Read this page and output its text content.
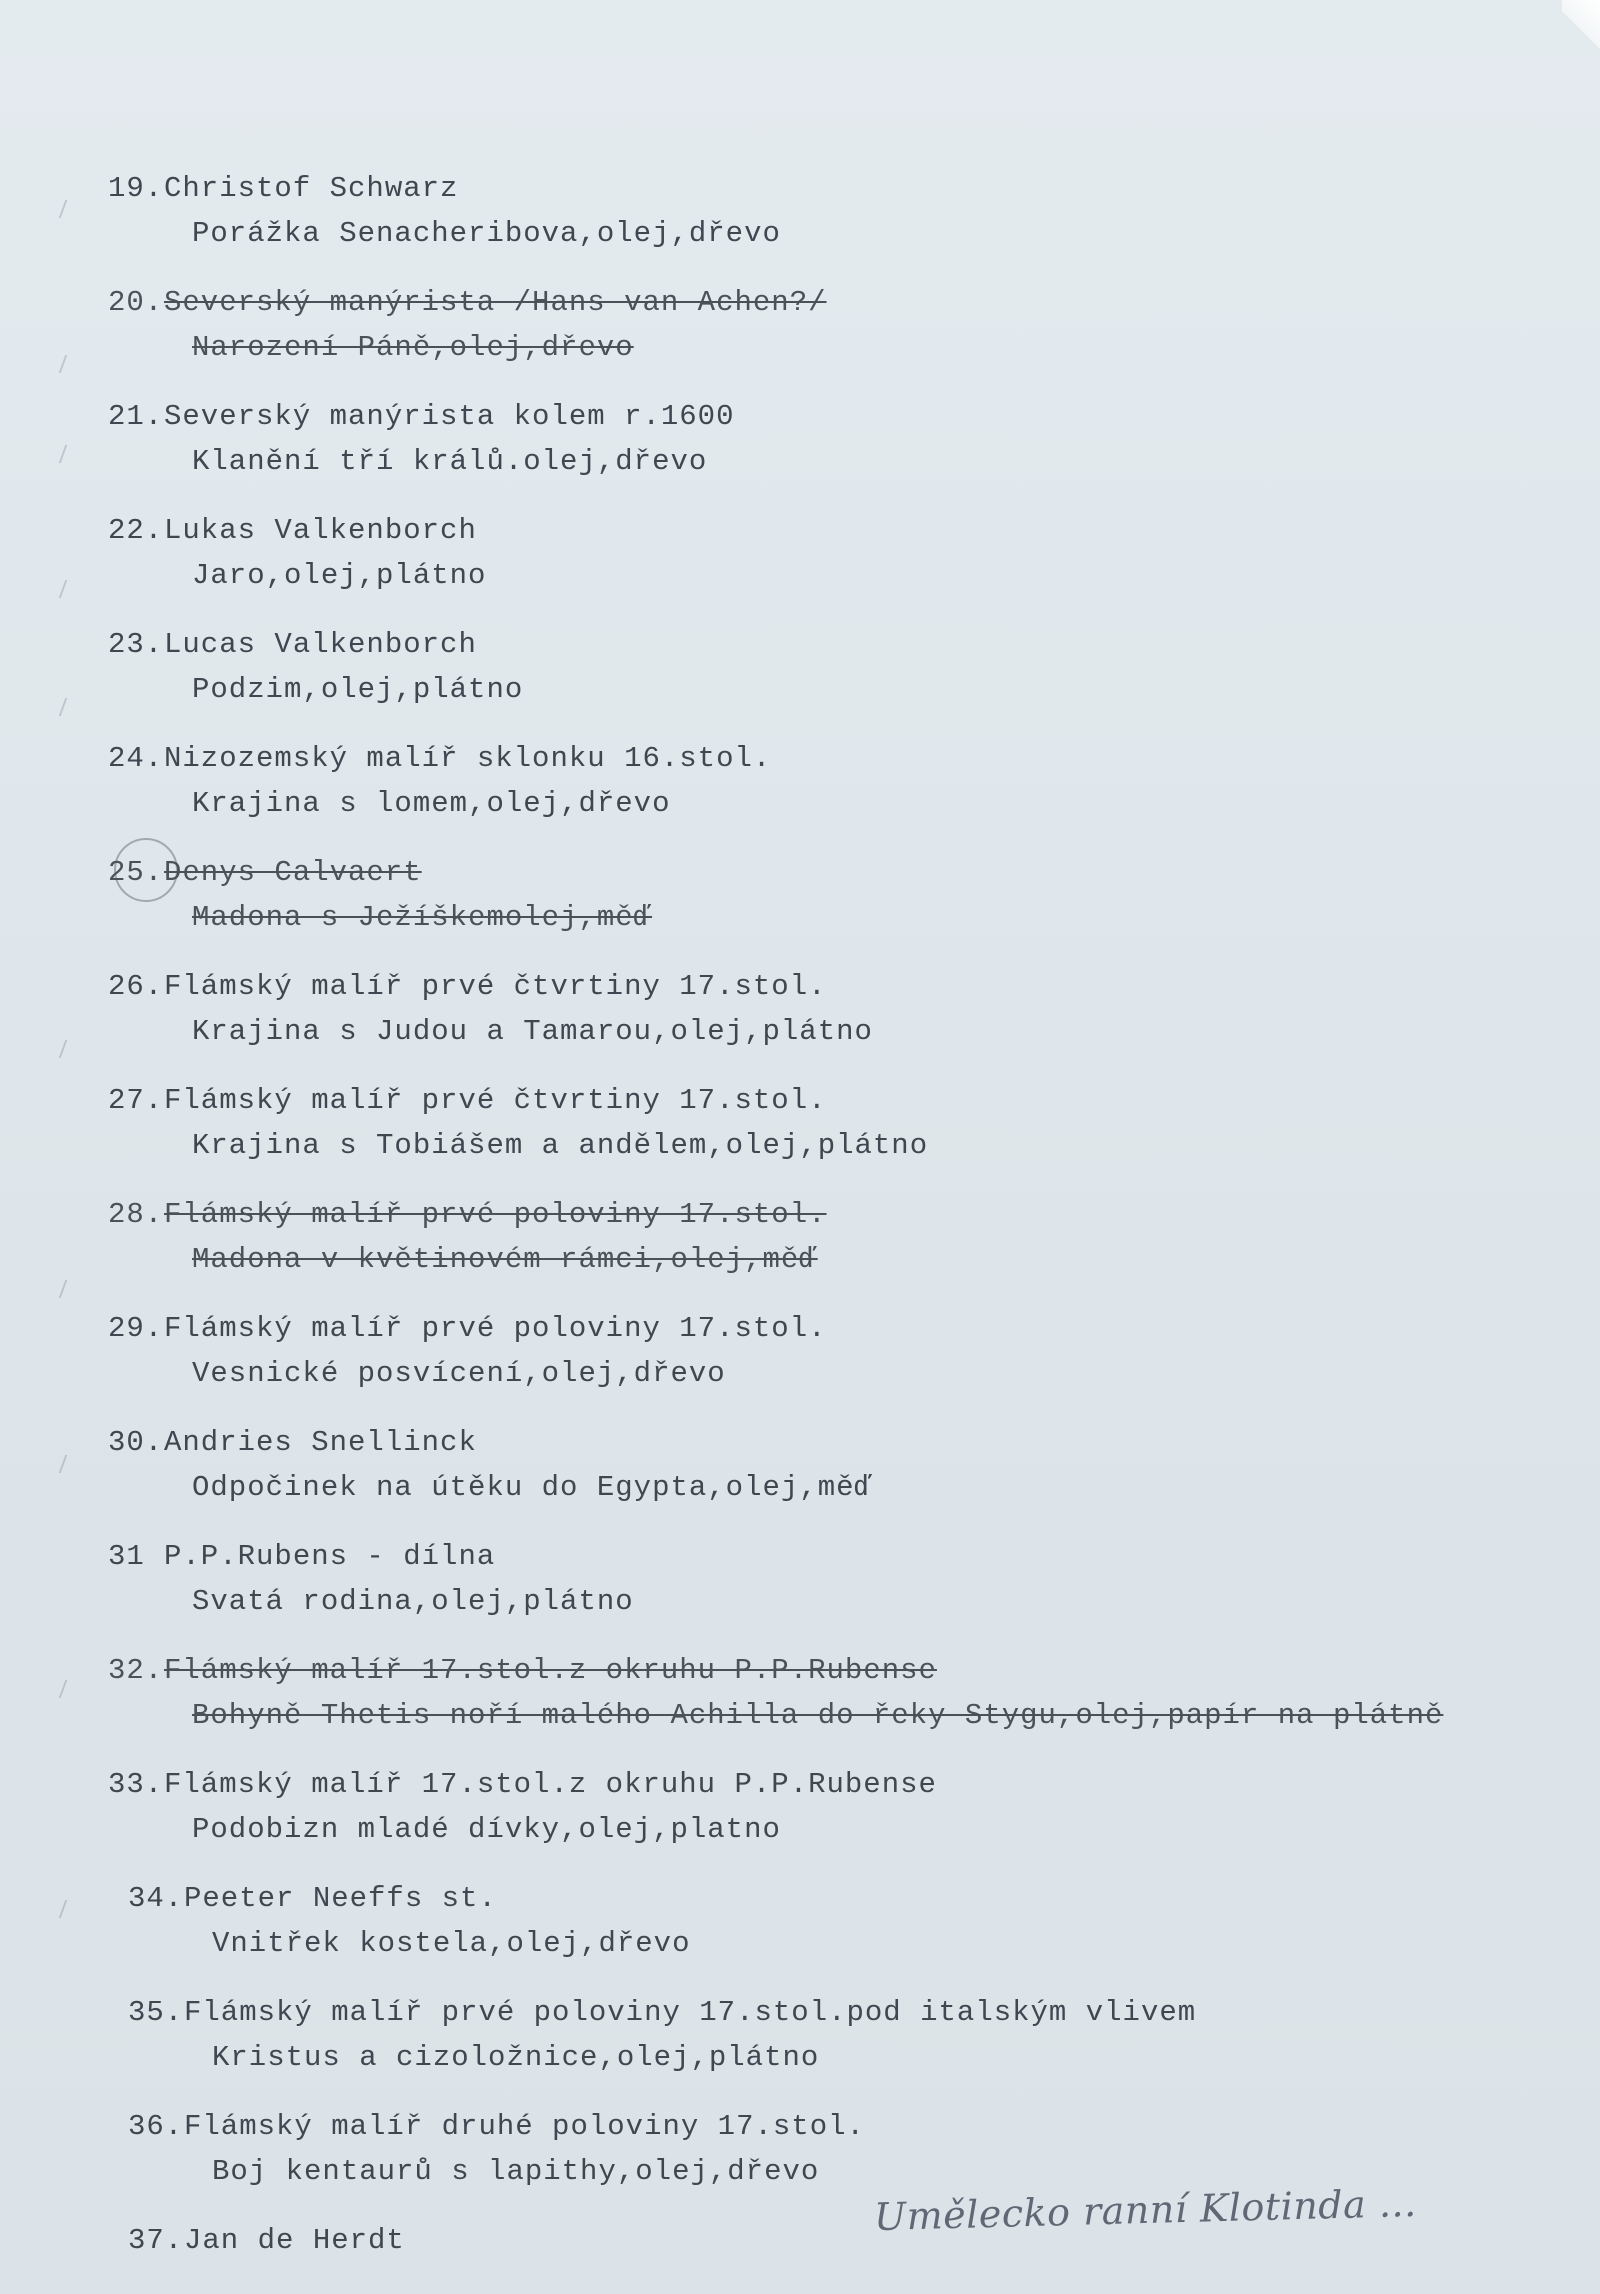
19.Christof Schwarz
Porážka Senacheribova,olej,dřevo
20.Severský manýrista /Hans van Achen?/
Narození Páně,olej,dřevo
21.Severský manýrista kolem r.1600
Klanění tří králů.olej,dřevo
22.Lukas Valkenborch
Jaro,olej,plátno
23.Lucas Valkenborch
Podzim,olej,plátno
24.Nizozemský malíř sklonku 16.stol.
Krajina s lomem,olej,dřevo
25.Denys Calvaert
Madona s Ježíškemolej,měď
26.Flámský malíř prvé čtvrtiny 17.stol.
Krajina s Judou a Tamarou,olej,plátno
27.Flámský malíř prvé čtvrtiny 17.stol.
Krajina s Tobiášem a andělem,olej,plátno
28.Flámský malíř prvé poloviny 17.stol.
Madona v květinovém rámci,olej,měď
29.Flámský malíř prvé poloviny 17.stol.
Vesnické posvícení,olej,dřevo
30.Andries Snellinck
Odpočinek na útěku do Egypta,olej,měď
31 P.P.Rubens - dílna
Svatá rodina,olej,plátno
32.Flámský malíř 17.stol.z okruhu P.P.Rubense
Bohyně Thetis noří malého Achilla do řeky Stygu,olej,papír na plátně
33.Flámský malíř 17.stol.z okruhu P.P.Rubense
Podobizn mladé dívky,olej,platno
34.Peeter Neeffs st.
Vnitřek kostela,olej,dřevo
35.Flámský malíř prvé poloviny 17.stol.pod italským vlivem
Kristus a cizoložnice,olej,plátno
36.Flámský malíř druhé poloviny 17.stol.
Boj kentaurů s lapithy,olej,dřevo
37.Jan de Herdt
Umělecko ranní Klotinda ...
